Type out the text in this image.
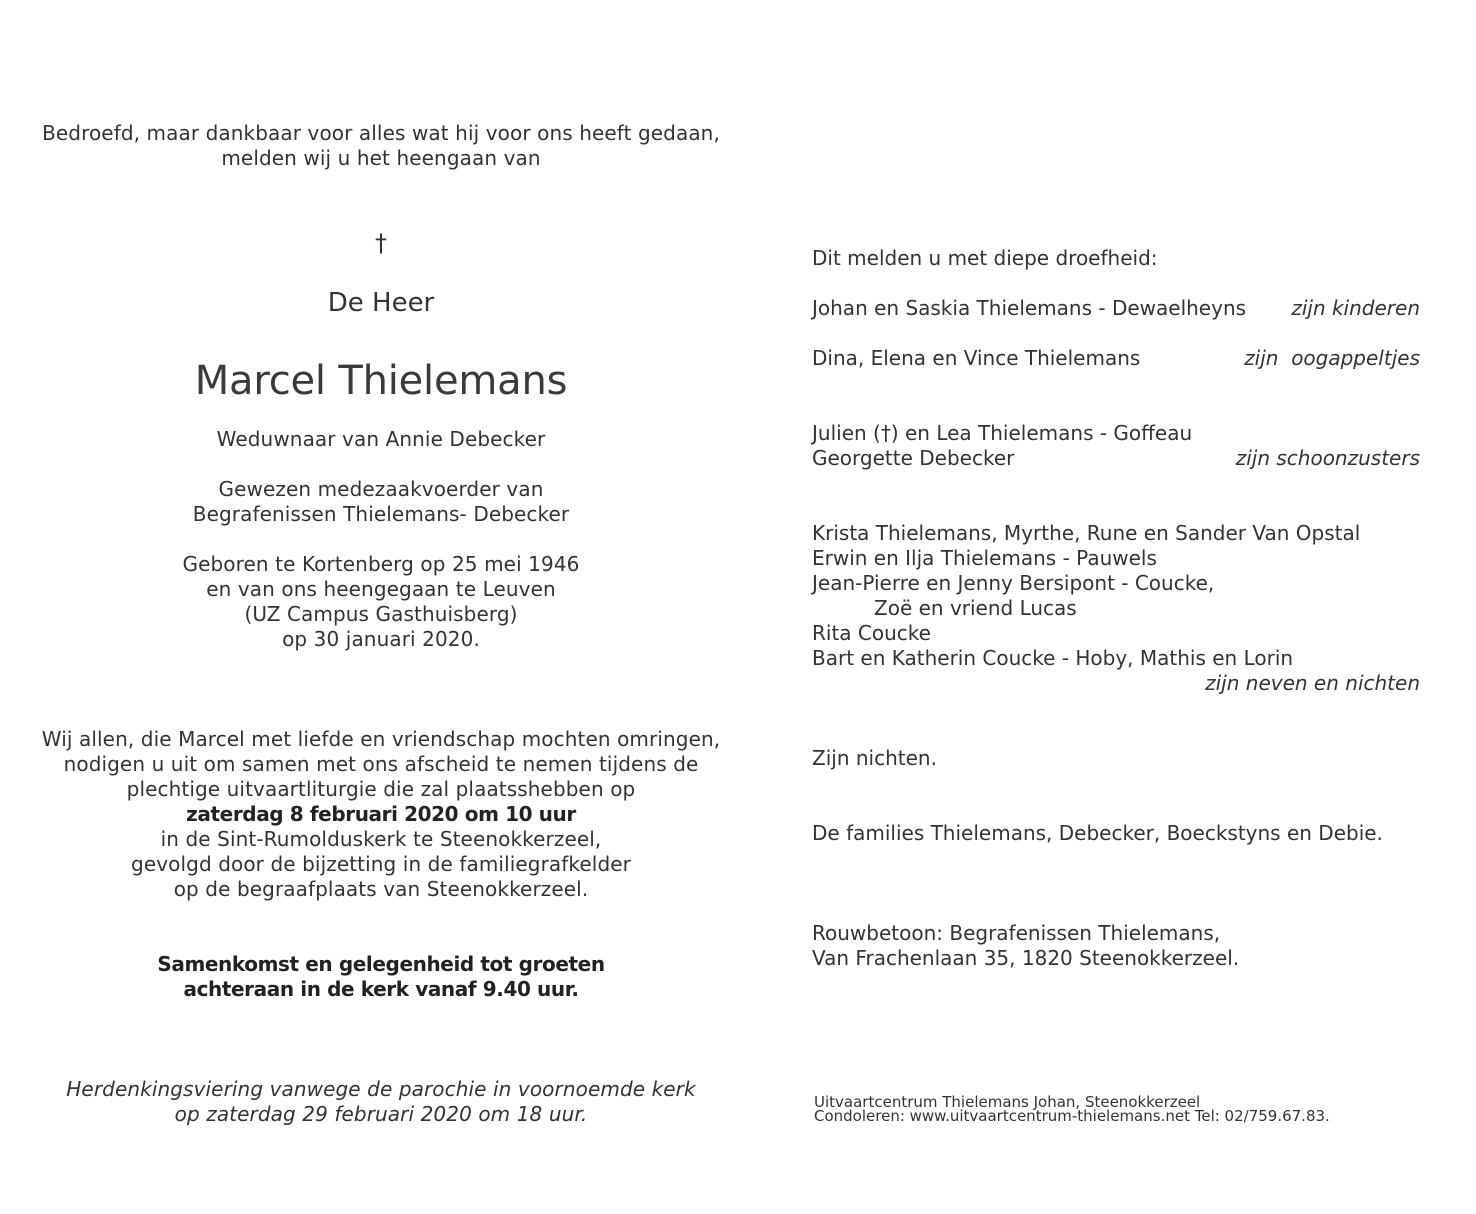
Bedroefd, maar dankbaar voor alles wat hij voor ons heeft gedaan,
melden wij u het heengaan van
†
De Heer
Marcel Thielemans
Weduwnaar van Annie Debecker
Gewezen medezaakvoerder van
Begrafenissen Thielemans- Debecker
Geboren te Kortenberg op 25 mei 1946
en van ons heengegaan te Leuven
(UZ Campus Gasthuisberg)
op 30 januari 2020.
Wij allen, die Marcel met liefde en vriendschap mochten omringen,
nodigen u uit om samen met ons afscheid te nemen tijdens de
plechtige uitvaartliturgie die zal plaatsshebben op
zaterdag 8 februari 2020 om 10 uur
in de Sint-Rumolduskerk te Steenokkerzeel,
gevolgd door de bijzetting in de familiegrafkelder
op de begraafplaats van Steenokkerzeel.
Samenkomst en gelegenheid tot groeten
achteraan in de kerk vanaf 9.40 uur.
Herdenkingsviering vanwege de parochie in voornoemde kerk
op zaterdag 29 februari 2020 om 18 uur.
Dit melden u met diepe droefheid:
Johan en Saskia Thielemans - Dewaelheyns zijn kinderen
Dina, Elena en Vince Thielemans	zijn  oogappeltjes
Julien (†) en Lea Thielemans - Goffeau
Georgette Debecker	zijn schoonzusters
Krista Thielemans, Myrthe, Rune en Sander Van Opstal
Erwin en Ilja Thielemans - Pauwels
Jean-Pierre en Jenny Bersipont - Coucke,
Zoë en vriend Lucas
Rita Coucke
Bart en Katherin Coucke - Hoby, Mathis en Lorin
zijn neven en nichten
Zijn nichten.
De families Thielemans, Debecker, Boeckstyns en Debie.
Rouwbetoon: Begrafenissen Thielemans,
Van Frachenlaan 35, 1820 Steenokkerzeel.
Uitvaartcentrum Thielemans Johan, Steenokkerzeel
Condoleren: www.uitvaartcentrum-thielemans.net Tel: 02/759.67.83.
